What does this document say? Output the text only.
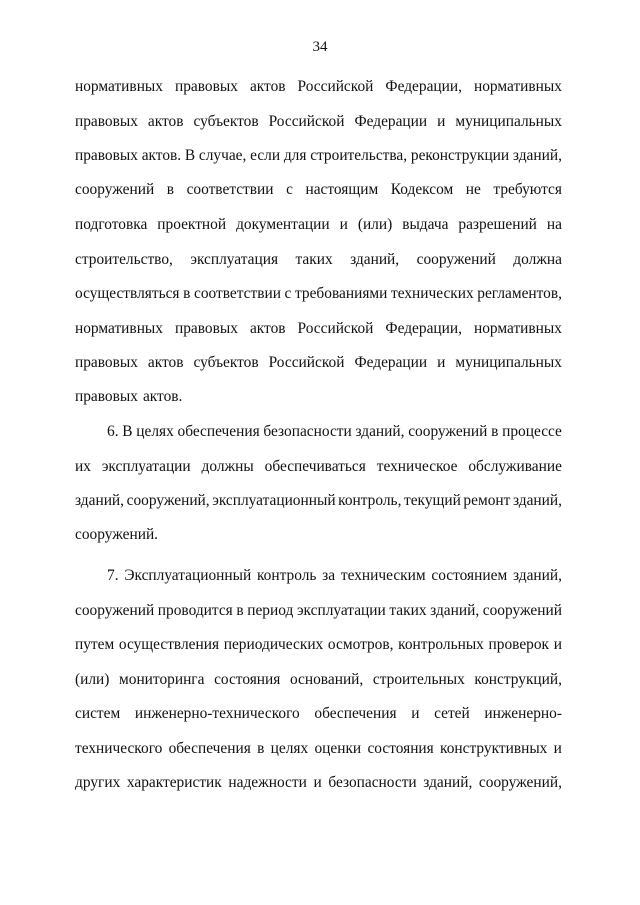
34
нормативных правовых актов Российской Федерации, нормативных
правовых актов субъектов Российской Федерации и муниципальных
правовых актов. В случае, если для строительства, реконструкции зданий,
сооружений в соответствии с настоящим Кодексом не требуются
подготовка проектной документации и (или) выдача разрешений на
строительство, эксплуатация таких зданий, сооружений должна
осуществляться в соответствии с требованиями технических регламентов,
нормативных правовых актов Российской Федерации, нормативных
правовых актов субъектов Российской Федерации и муниципальных
правовых актов.
6. В целях обеспечения безопасности зданий, сооружений в процессе
их эксплуатации должны обеспечиваться техническое обслуживание
зданий, сооружений, эксплуатационный контроль, текущий ремонт зданий,
сооружений.
7. Эксплуатационный контроль за техническим состоянием зданий,
сооружений проводится в период эксплуатации таких зданий, сооружений
путем осуществления периодических осмотров, контрольных проверок и
(или) мониторинга состояния оснований, строительных конструкций,
систем инженерно-технического обеспечения и сетей инженерно-
технического обеспечения в целях оценки состояния конструктивных и
других характеристик надежности и безопасности зданий, сооружений,
